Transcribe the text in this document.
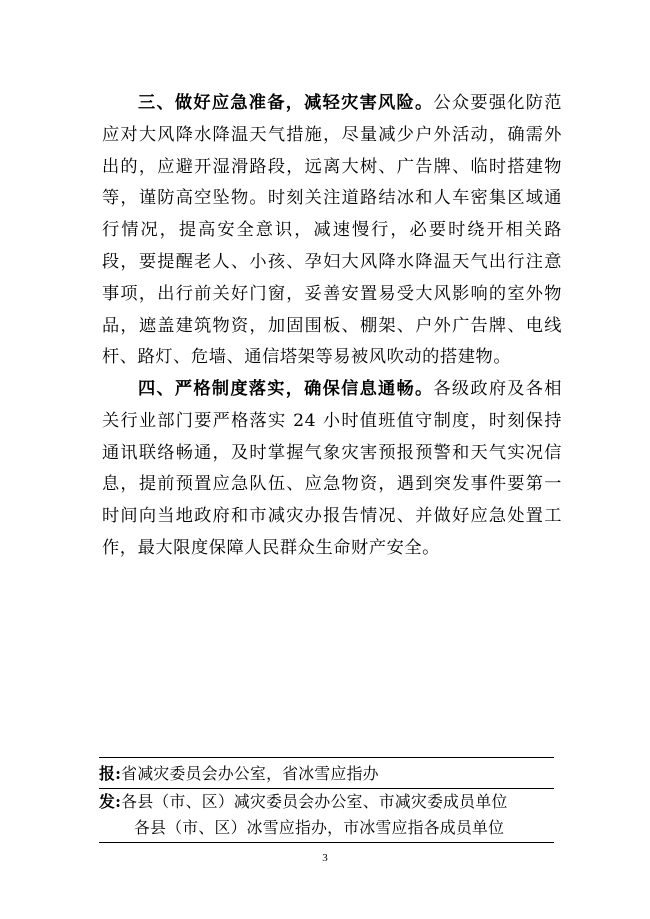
三、做好应急准备，减轻灾害风险。公众要强化防范应对大风降水降温天气措施，尽量减少户外活动，确需外出的，应避开湿滑路段，远离大树、广告牌、临时搭建物等，谨防高空坠物。时刻关注道路结冰和人车密集区域通行情况，提高安全意识，减速慢行，必要时绕开相关路段，要提醒老人、小孩、孕妇大风降水降温天气出行注意事项，出行前关好门窗，妥善安置易受大风影响的室外物品，遮盖建筑物资，加固围板、棚架、户外广告牌、电线杆、路灯、危墙、通信塔架等易被风吹动的搭建物。

四、严格制度落实，确保信息通畅。各级政府及各相关行业部门要严格落实 24 小时值班值守制度，时刻保持通讯联络畅通，及时掌握气象灾害预报预警和天气实况信息，提前预置应急队伍、应急物资，遇到突发事件要第一时间向当地政府和市减灾办报告情况、并做好应急处置工作，最大限度保障人民群众生命财产安全。

报:省减灾委员会办公室，省冰雪应指办
发:各县（市、区）减灾委员会办公室、市减灾委成员单位
各县（市、区）冰雪应指办，市冰雪应指各成员单位
3
